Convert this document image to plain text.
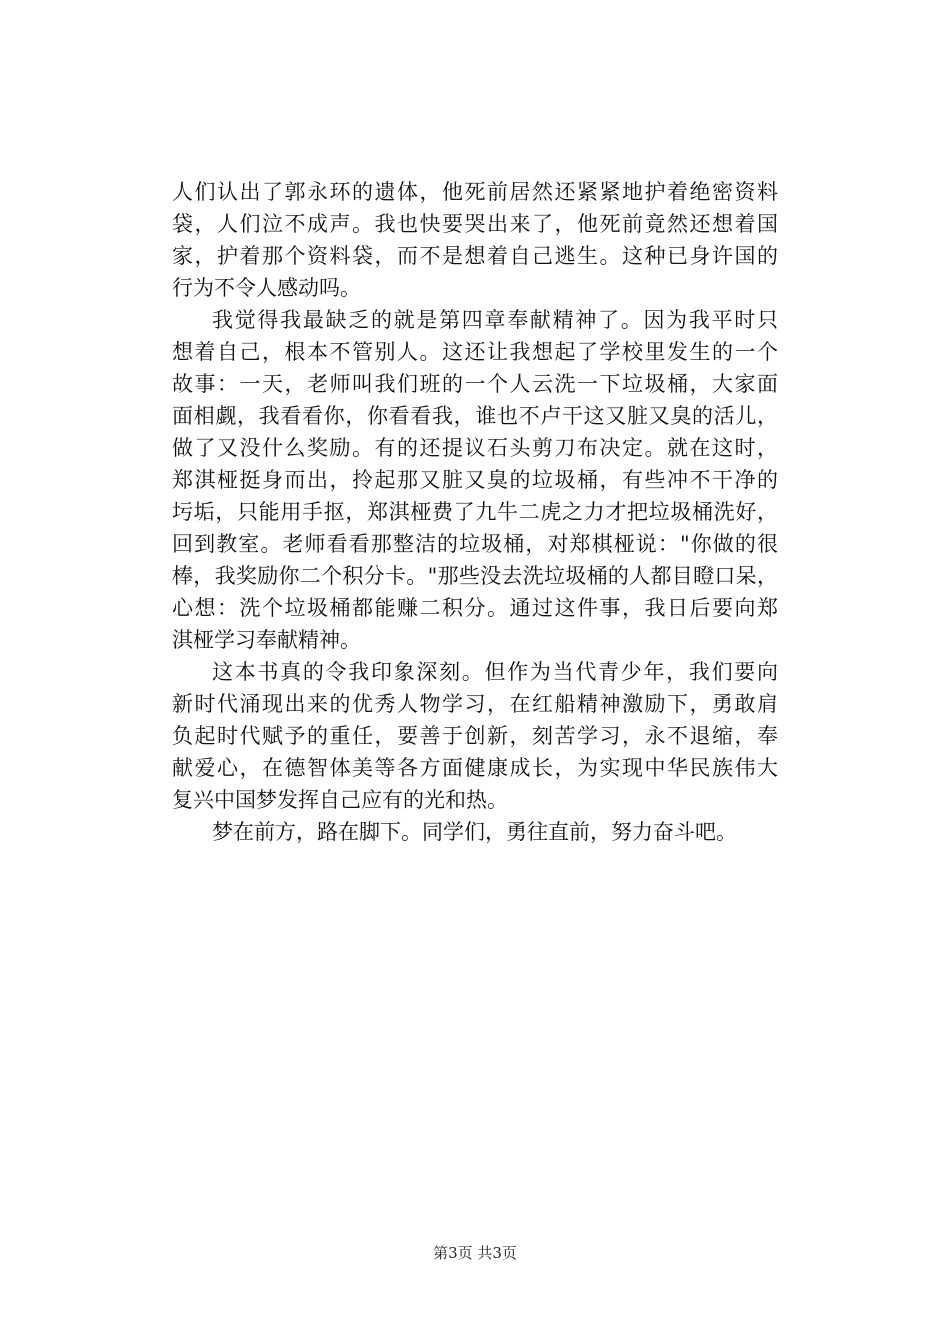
人们认出了郭永环的遗体，他死前居然还紧紧地护着绝密资料
袋，人们泣不成声。我也快要哭出来了，他死前竟然还想着国
家，护着那个资料袋，而不是想着自己逃生。这种已身许国的
行为不令人感动吗。
我觉得我最缺乏的就是第四章奉献精神了。因为我平时只
想着自己，根本不管别人。这还让我想起了学校里发生的一个
故事：一天，老师叫我们班的一个人云洗一下垃圾桶，大家面
面相觑，我看看你，你看看我，谁也不卢干这又脏又臭的活儿，
做了又没什么奖励。有的还提议石头剪刀布决定。就在这时，
郑淇桠挺身而出，拎起那又脏又臭的垃圾桶，有些冲不干净的
圬垢，只能用手抠，郑淇桠费了九牛二虎之力才把垃圾桶洗好，
回到教室。老师看看那整洁的垃圾桶，对郑棋桠说："你做的很
棒，我奖励你二个积分卡。"那些没去洗垃圾桶的人都目瞪口呆，
心想：洗个垃圾桶都能赚二积分。通过这件事，我日后要向郑
淇桠学习奉献精神。
这本书真的令我印象深刻。但作为当代青少年，我们要向
新时代涌现出来的优秀人物学习，在红船精神激励下，勇敢肩
负起时代赋予的重任，要善于创新，刻苦学习，永不退缩，奉
献爱心，在德智体美等各方面健康成长，为实现中华民族伟大
复兴中国梦发挥自己应有的光和热。
梦在前方，路在脚下。同学们，勇往直前，努力奋斗吧。
第3页 共3页
